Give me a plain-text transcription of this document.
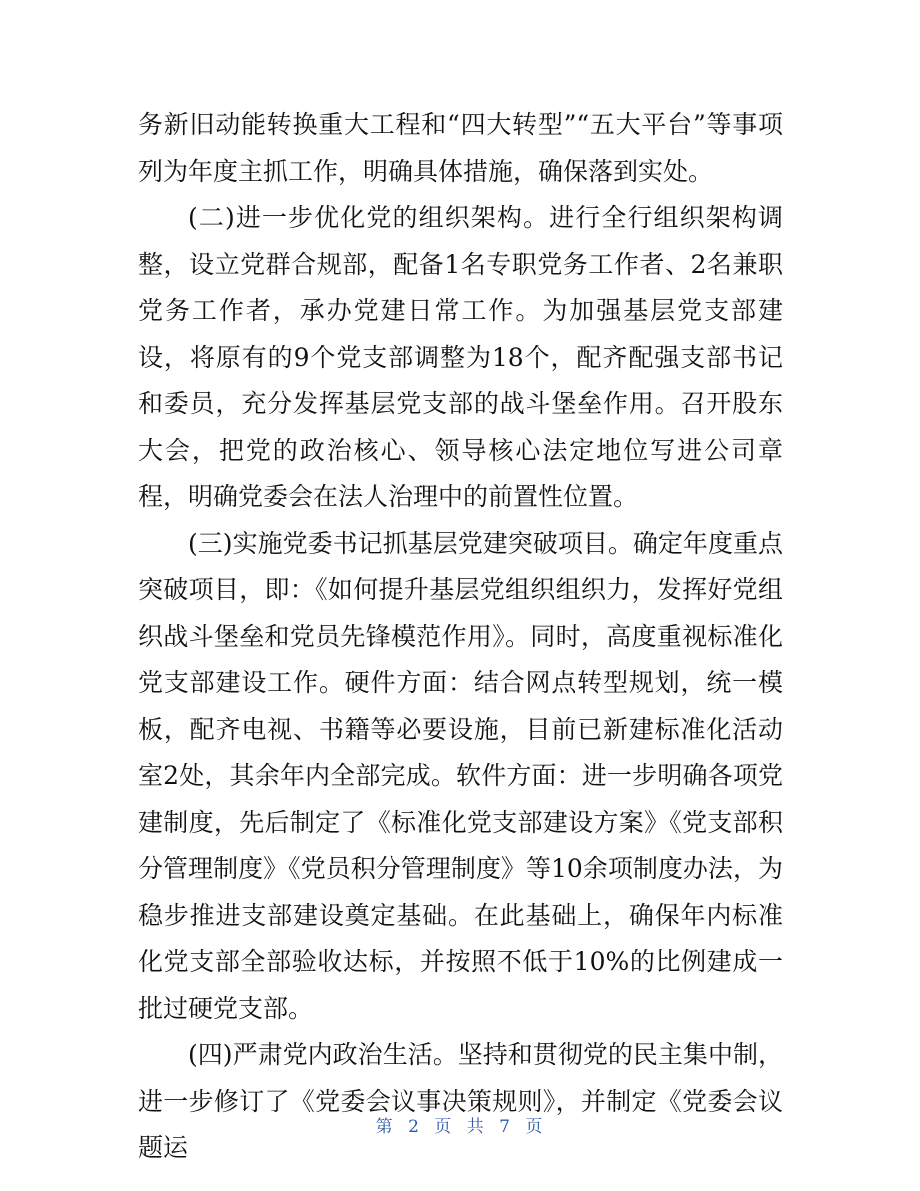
务新旧动能转换重大工程和“四大转型”“五大平台”等事项列为年度主抓工作，明确具体措施，确保落到实处。

(二)进一步优化党的组织架构。进行全行组织架构调整，设立党群合规部，配备1名专职党务工作者、2名兼职党务工作者，承办党建日常工作。为加强基层党支部建设，将原有的9个党支部调整为18个，配齐配强支部书记和委员，充分发挥基层党支部的战斗堡垒作用。召开股东大会，把党的政治核心、领导核心法定地位写进公司章程，明确党委会在法人治理中的前置性位置。

(三)实施党委书记抓基层党建突破项目。确定年度重点突破项目，即：《如何提升基层党组织组织力，发挥好党组织战斗堡垒和党员先锋模范作用》。同时，高度重视标准化党支部建设工作。硬件方面：结合网点转型规划，统一模板，配齐电视、书籍等必要设施，目前已新建标准化活动室2处，其余年内全部完成。软件方面：进一步明确各项党建制度，先后制定了《标准化党支部建设方案》《党支部积分管理制度》《党员积分管理制度》等10余项制度办法，为稳步推进支部建设奠定基础。在此基础上，确保年内标准化党支部全部验收达标，并按照不低于10%的比例建成一批过硬党支部。

(四)严肃党内政治生活。坚持和贯彻党的民主集中制，进一步修订了《党委会议事决策规则》，并制定《党委会议题运

第 2 页 共 7 页
